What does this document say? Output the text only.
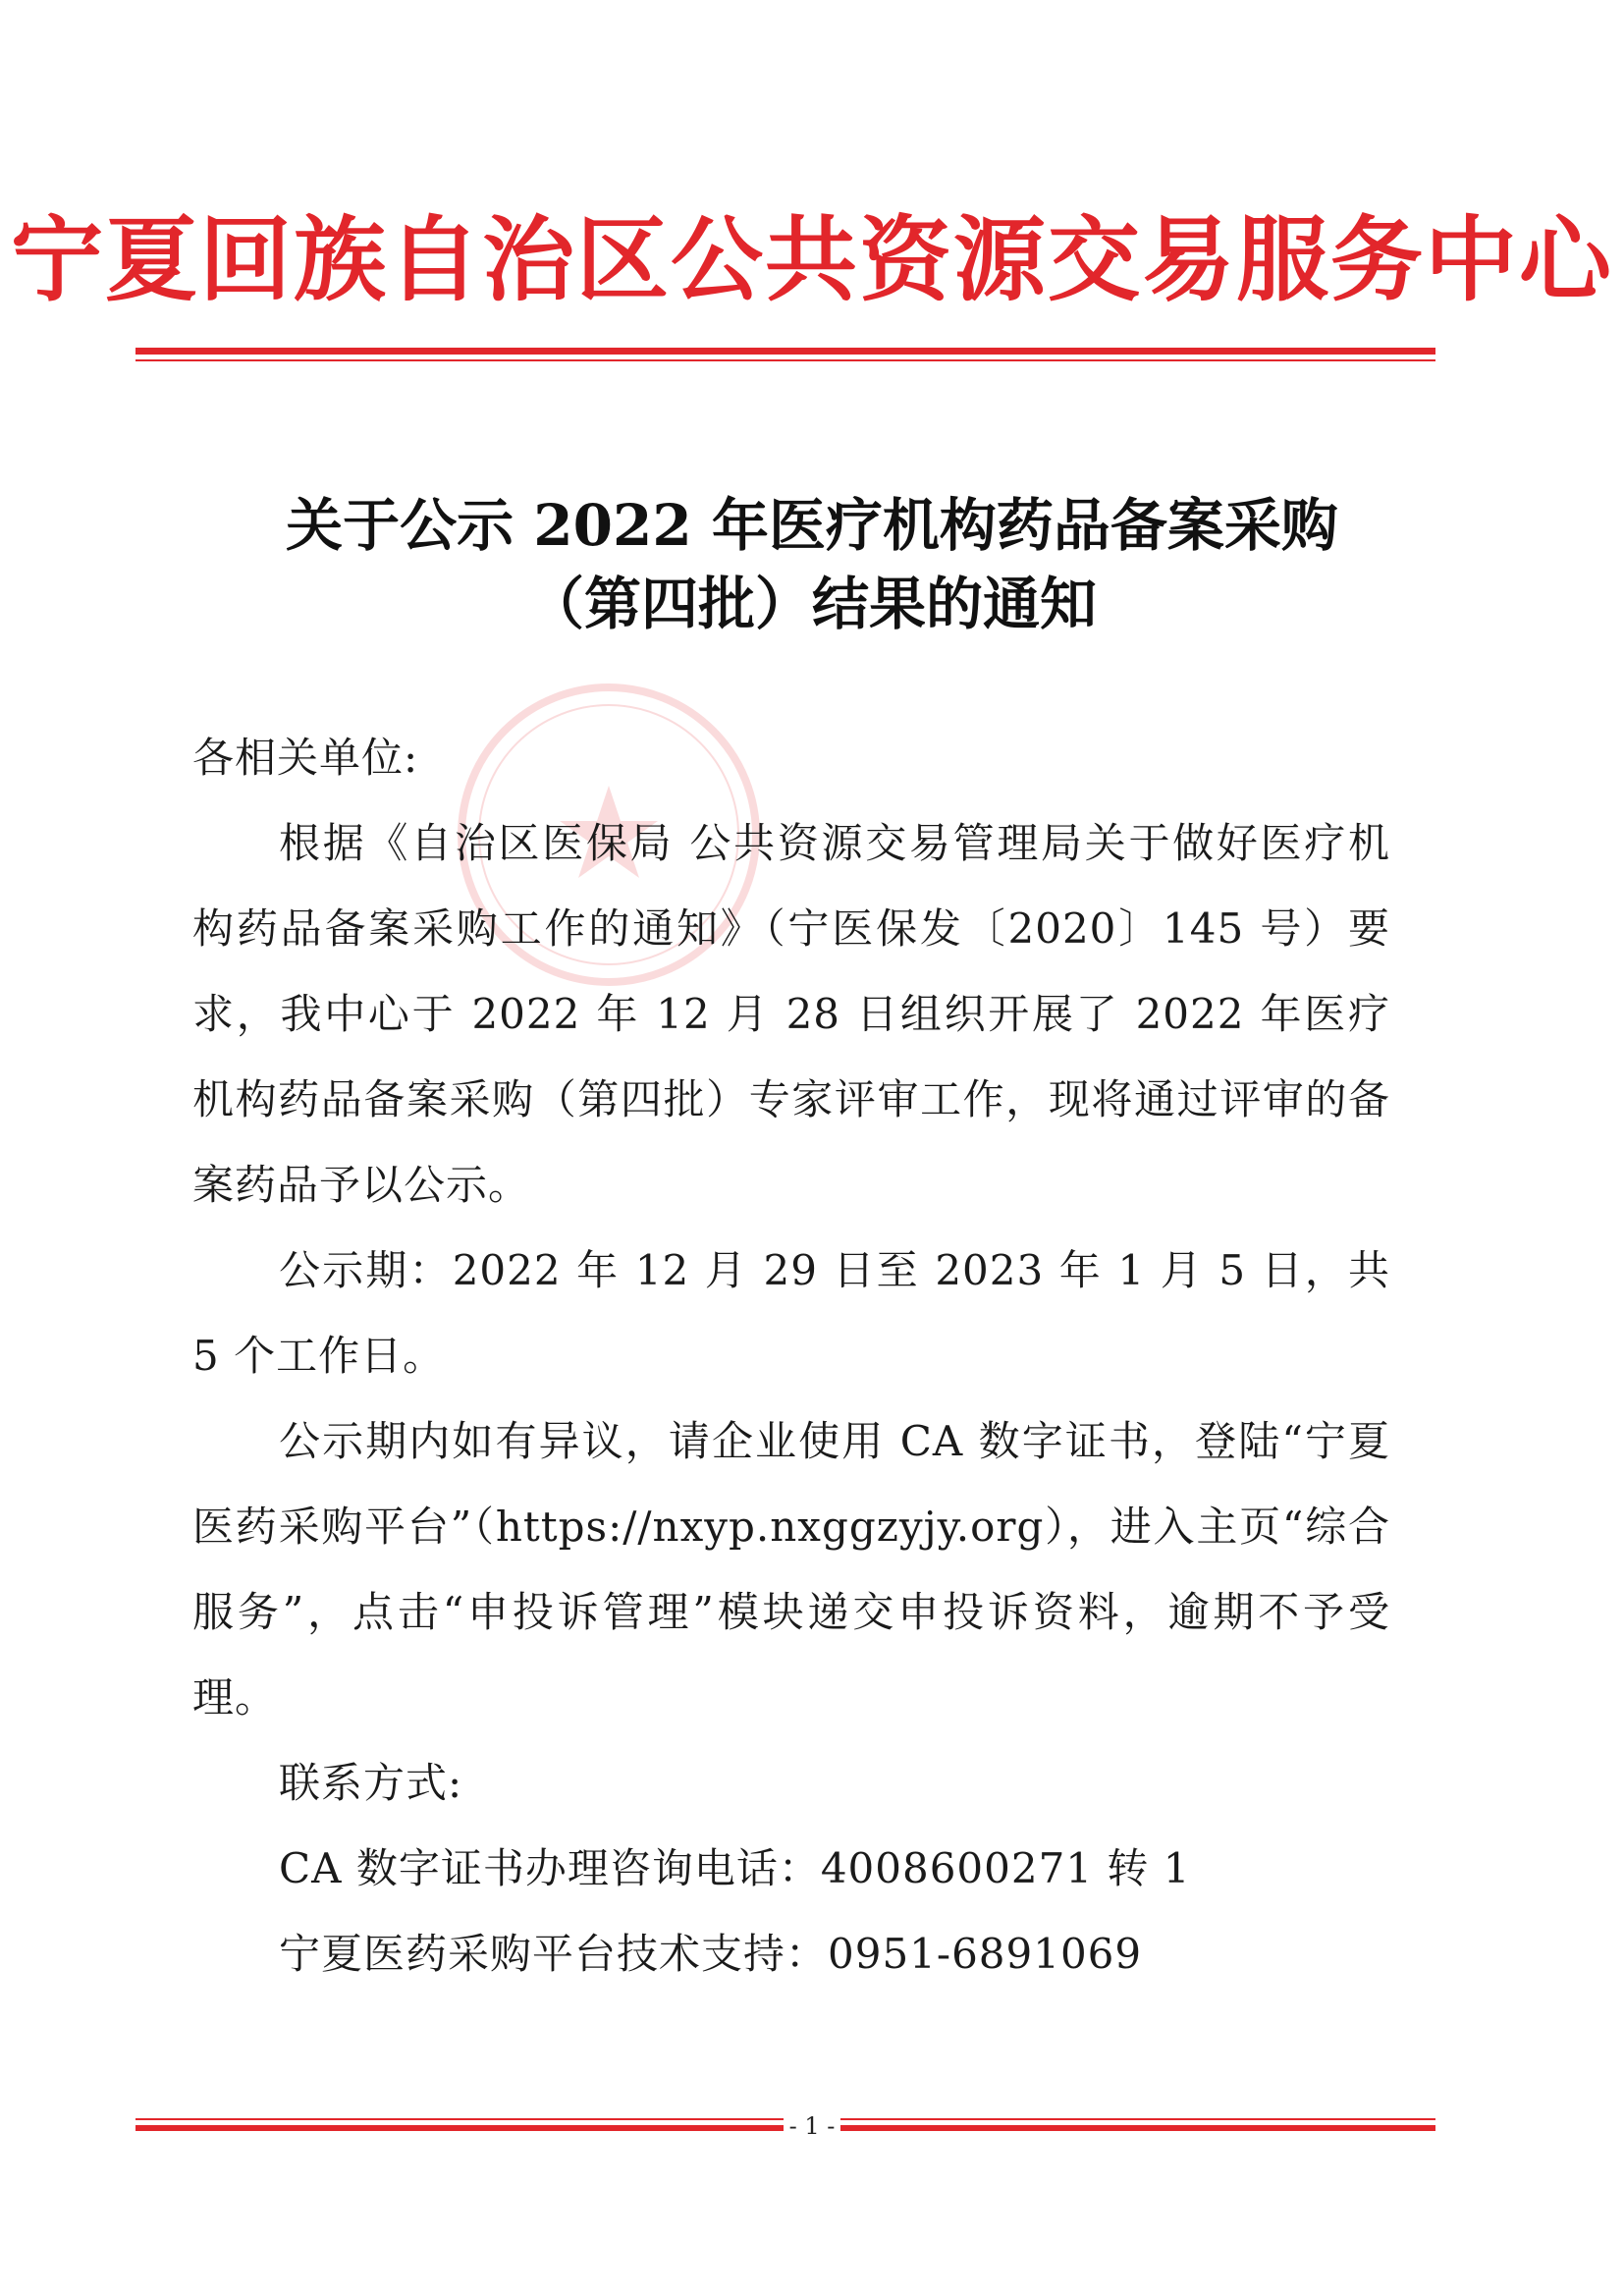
宁夏回族自治区公共资源交易服务中心
关于公示 2022 年医疗机构药品备案采购
（第四批）结果的通知
各相关单位:

根据《自治区医保局 公共资源交易管理局关于做好医疗机构药品备案采购工作的通知》（宁医保发〔2020〕145 号）要求，我中心于 2022 年 12 月 28 日组织开展了 2022 年医疗机构药品备案采购（第四批）专家评审工作，现将通过评审的备案药品予以公示。

公示期：2022 年 12 月 29 日至 2023 年 1 月 5 日，共 5 个工作日。

公示期内如有异议，请企业使用 CA 数字证书，登陆“宁夏医药采购平台”（https://nxyp.nxggzyjy.org），进入主页“综合服务”，点击“申投诉管理”模块递交申投诉资料，逾期不予受理。

联系方式:
CA 数字证书办理咨询电话：4008600271 转 1
宁夏医药采购平台技术支持：0951-6891069
- 1 -
